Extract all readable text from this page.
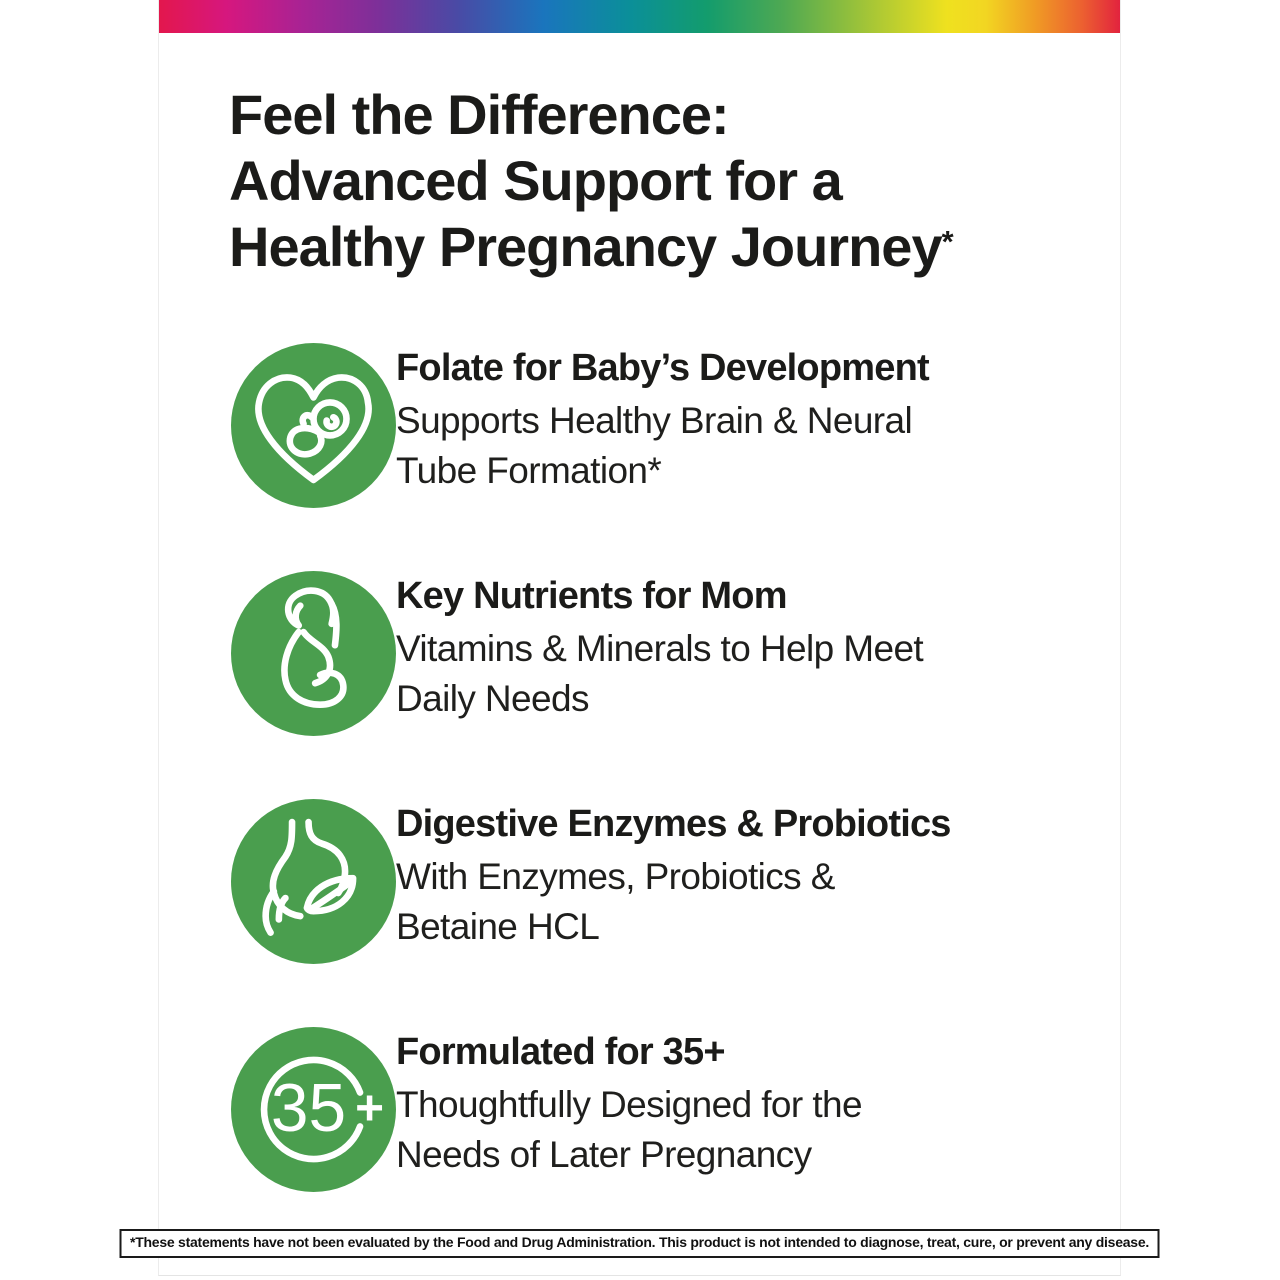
Feel the Difference:
Advanced Support for a
Healthy Pregnancy Journey*
Folate for Baby’s Development
Supports Healthy Brain & Neural
Tube Formation*
Key Nutrients for Mom
Vitamins & Minerals to Help Meet
Daily Needs
Digestive Enzymes & Probiotics
With Enzymes, Probiotics &
Betaine HCL
35 +
Formulated for 35+
Thoughtfully Designed for the
Needs of Later Pregnancy
*These statements have not been evaluated by the Food and Drug Administration. This product is not intended to diagnose, treat, cure, or prevent any disease.
